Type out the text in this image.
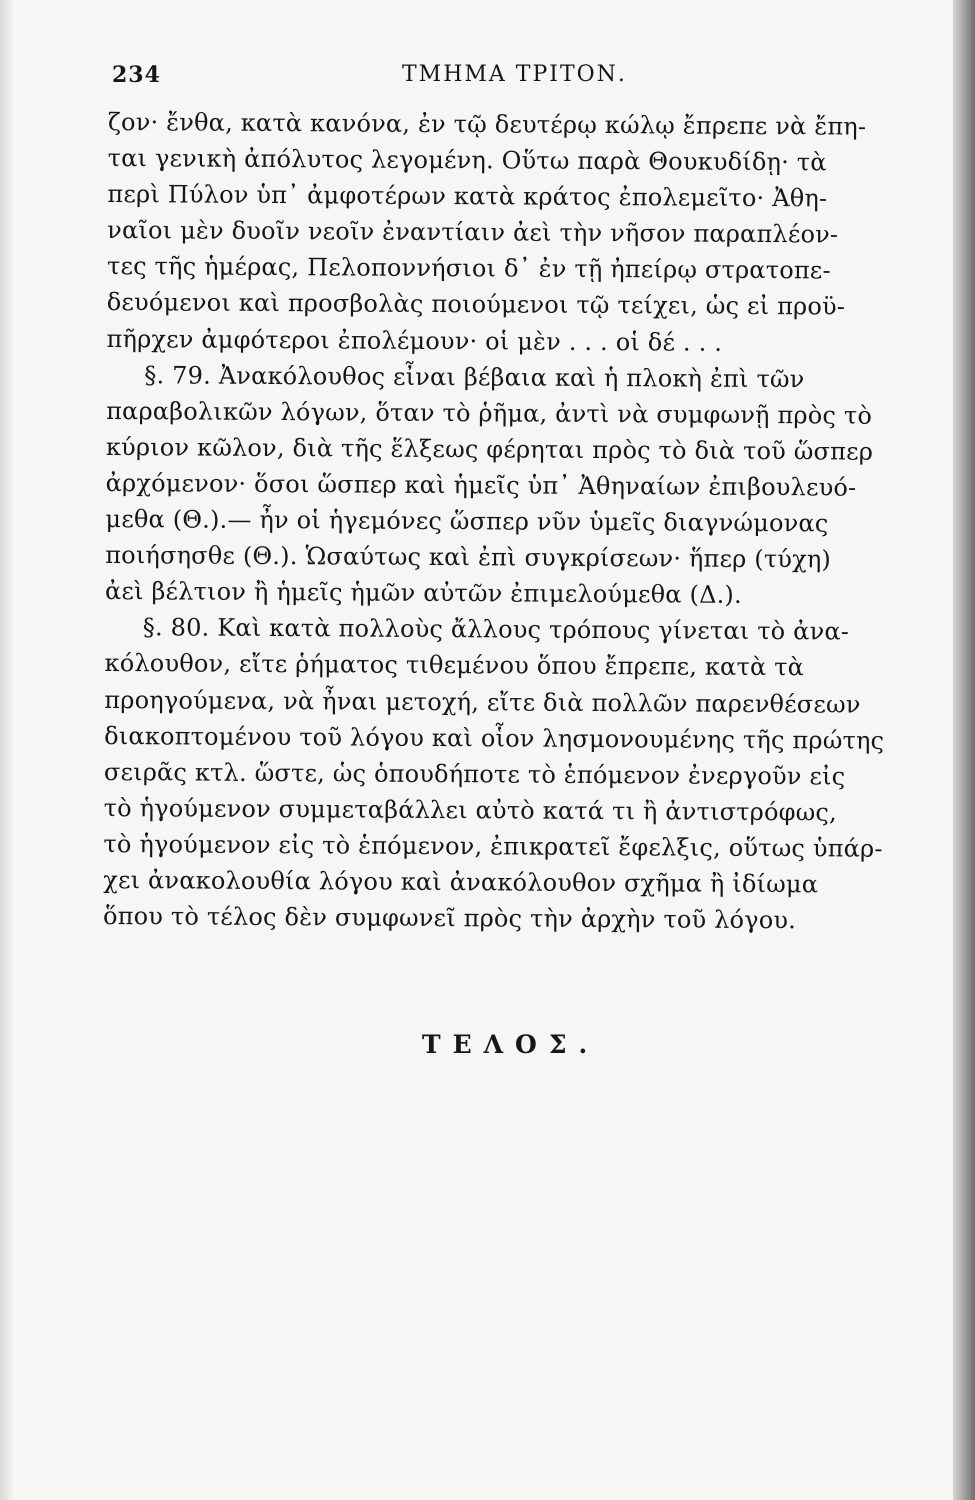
234	ΤΜΗΜΑ ΤΡΙΤΟΝ.
ζον· ἔνθα, κατὰ κανόνα, ἐν τῷ δευτέρῳ κώλῳ ἔπρεπε νὰ ἔπη-
ται γενικὴ ἀπόλυτος λεγομένη. Οὕτω παρὰ Θουκυδίδῃ· τὰ
περὶ Πύλον ὑπ᾽ ἀμφοτέρων κατὰ κράτος ἐπολεμεῖτο· Ἀθη-
ναῖοι μὲν δυοῖν νεοῖν ἐναντίαιν ἀεὶ τὴν νῆσον παραπλέον-
τες τῆς ἡμέρας, Πελοποννήσιοι δ᾽ ἐν τῇ ἠπείρῳ στρατοπε-
δευόμενοι καὶ προσβολὰς ποιούμενοι τῷ τείχει, ὡς εἰ προϋ-
πῆρχεν ἀμφότεροι ἐπολέμουν· οἱ μὲν . . . οἱ δέ . . .
§. 79. Ἀνακόλουθος εἶναι βέβαια καὶ ἡ πλοκὴ ἐπὶ τῶν
παραβολικῶν λόγων, ὅταν τὸ ῥῆμα, ἀντὶ νὰ συμφωνῇ πρὸς τὸ
κύριον κῶλον, διὰ τῆς ἕλξεως φέρηται πρὸς τὸ διὰ τοῦ ὥσπερ
ἀρχόμενον· ὅσοι ὥσπερ καὶ ἡμεῖς ὑπ᾽ Ἀθηναίων ἐπιβουλευό-
μεθα (Θ.).— ἦν οἱ ἡγεμόνες ὥσπερ νῦν ὑμεῖς διαγνώμονας
ποιήσησθε (Θ.). Ὡσαύτως καὶ ἐπὶ συγκρίσεων· ἥπερ (τύχη)
ἀεὶ βέλτιον ἢ ἡμεῖς ἡμῶν αὐτῶν ἐπιμελούμεθα (Δ.).
§. 80. Καὶ κατὰ πολλοὺς ἄλλους τρόπους γίνεται τὸ ἀνα-
κόλουθον, εἴτε ῥήματος τιθεμένου ὅπου ἔπρεπε, κατὰ τὰ
προηγούμενα, νὰ ἦναι μετοχή, εἴτε διὰ πολλῶν παρενθέσεων
διακοπτομένου τοῦ λόγου καὶ οἷον λησμονουμένης τῆς πρώτης
σειρᾶς κτλ. ὥστε, ὡς ὁπουδήποτε τὸ ἑπόμενον ἐνεργοῦν εἰς
τὸ ἡγούμενον συμμεταβάλλει αὐτὸ κατά τι ἢ ἀντιστρόφως,
τὸ ἡγούμενον εἰς τὸ ἑπόμενον, ἐπικρατεῖ ἔφελξις, οὕτως ὑπάρ-
χει ἀνακολουθία λόγου καὶ ἀνακόλουθον σχῆμα ἢ ἰδίωμα
ὅπου τὸ τέλος δὲν συμφωνεῖ πρὸς τὴν ἀρχὴν τοῦ λόγου.
ΤΕΛΟΣ.
